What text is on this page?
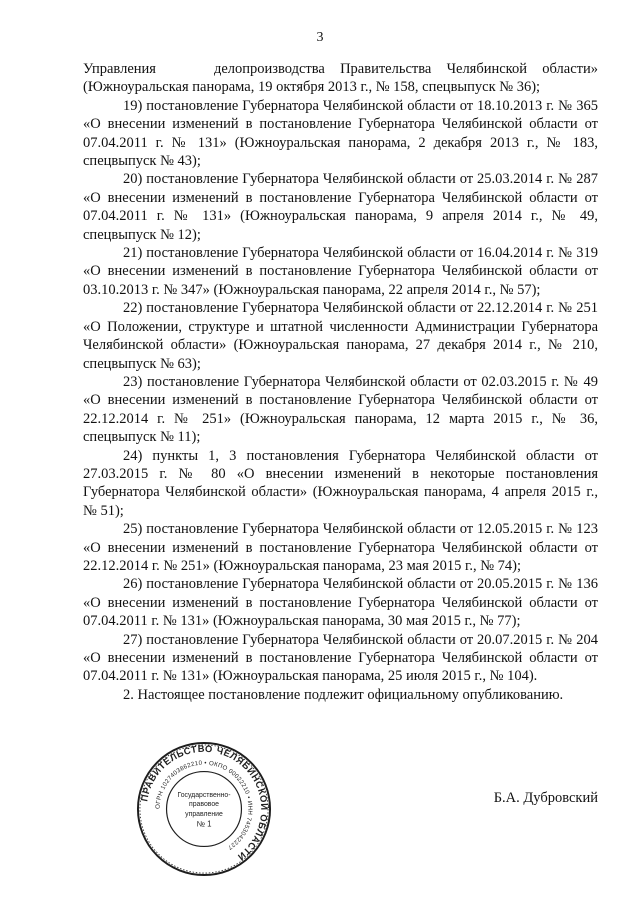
3

Управления	делопроизводства Правительства Челябинской области» (Южноуральская панорама, 19 октября 2013 г., № 158, спецвыпуск № 36);

19) постановление Губернатора Челябинской области от 18.10.2013 г. № 365 «О внесении изменений в постановление Губернатора Челябинской области от 07.04.2011 г. № 131» (Южноуральская панорама, 2 декабря 2013 г., № 183, спецвыпуск № 43);

20) постановление Губернатора Челябинской области от 25.03.2014 г. № 287 «О внесении изменений в постановление Губернатора Челябинской области от 07.04.2011 г. № 131» (Южноуральская панорама, 9 апреля 2014 г., № 49, спецвыпуск № 12);

21) постановление Губернатора Челябинской области от 16.04.2014 г. № 319 «О внесении изменений в постановление Губернатора Челябинской области от 03.10.2013 г. № 347» (Южноуральская панорама, 22 апреля 2014 г., № 57);

22) постановление Губернатора Челябинской области от 22.12.2014 г. № 251 «О Положении, структуре и штатной численности Администрации Губернатора Челябинской области» (Южноуральская панорама, 27 декабря 2014 г., № 210, спецвыпуск № 63);

23) постановление Губернатора Челябинской области от 02.03.2015 г. № 49 «О внесении изменений в постановление Губернатора Челябинской области от 22.12.2014 г. № 251» (Южноуральская панорама, 12 марта 2015 г., № 36, спецвыпуск № 11);

24) пункты 1, 3 постановления Губернатора Челябинской области от 27.03.2015 г. № 80 «О внесении изменений в некоторые постановления Губернатора Челябинской области» (Южноуральская панорама, 4 апреля 2015 г., № 51);

25) постановление Губернатора Челябинской области от 12.05.2015 г. № 123 «О внесении изменений в постановление Губернатора Челябинской области от 22.12.2014 г. № 251» (Южноуральская панорама, 23 мая 2015 г., № 74);

26) постановление Губернатора Челябинской области от 20.05.2015 г. № 136 «О внесении изменений в постановление Губернатора Челябинской области от 07.04.2011 г. № 131» (Южноуральская панорама, 30 мая 2015 г., № 77);

27) постановление Губернатора Челябинской области от 20.07.2015 г. № 204 «О внесении изменений в постановление Губернатора Челябинской области от 07.04.2011 г. № 131» (Южноуральская панорама, 25 июля 2015 г., № 104).

2. Настоящее постановление подлежит официальному опубликованию.

ПРАВИТЕЛЬСТВО ЧЕЛЯБИНСКОЙ ОБЛАСТИ
ОГРН 1027403862210 • ОКПО 00022210 • ИНН 7453042227
Государственно-
правовое
управление
№ 1
Б.А. Дубровский
